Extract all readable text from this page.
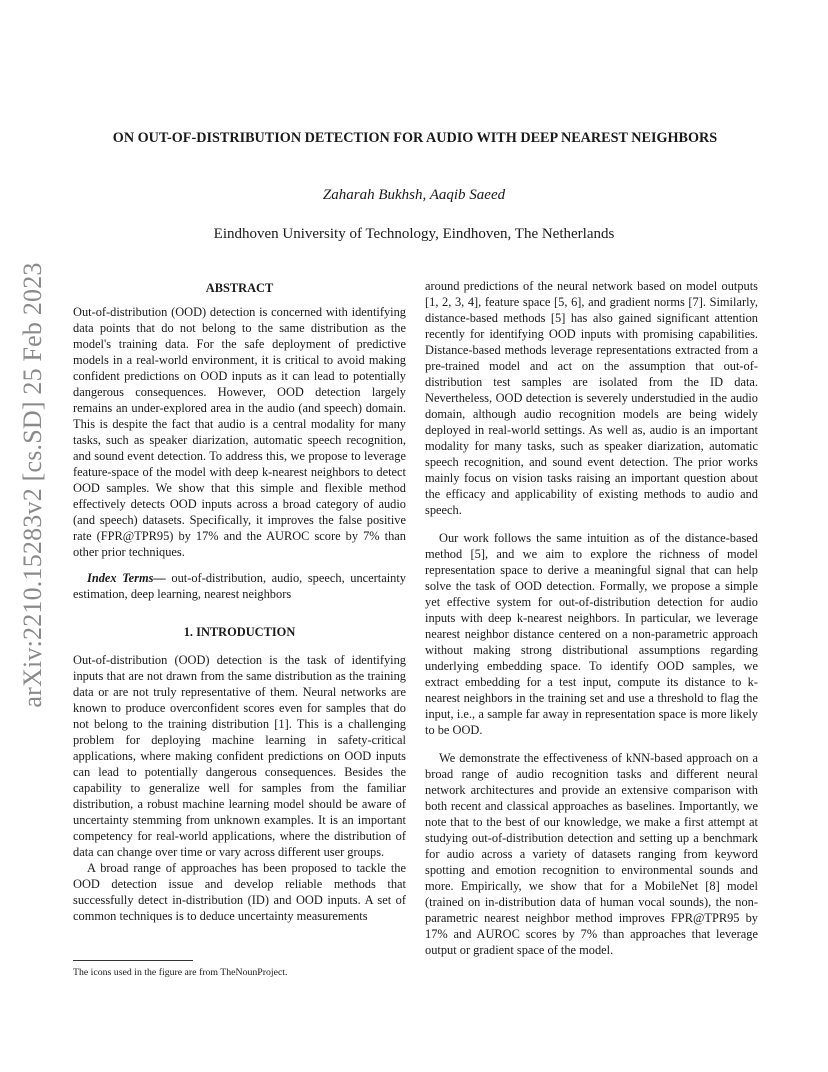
arXiv:2210.15283v2 [cs.SD] 25 Feb 2023
ON OUT-OF-DISTRIBUTION DETECTION FOR AUDIO WITH DEEP NEAREST NEIGHBORS
Zaharah Bukhsh, Aaqib Saeed
Eindhoven University of Technology, Eindhoven, The Netherlands
ABSTRACT

Out-of-distribution (OOD) detection is concerned with identifying data points that do not belong to the same distribution as the model's training data. For the safe deployment of predictive models in a real-world environment, it is critical to avoid making confident predictions on OOD inputs as it can lead to potentially dangerous consequences. However, OOD detection largely remains an under-explored area in the audio (and speech) domain. This is despite the fact that audio is a central modality for many tasks, such as speaker diarization, automatic speech recognition, and sound event detection. To address this, we propose to leverage feature-space of the model with deep k-nearest neighbors to detect OOD samples. We show that this simple and flexible method effectively detects OOD inputs across a broad category of audio (and speech) datasets. Specifically, it improves the false positive rate (FPR@TPR95) by 17% and the AUROC score by 7% than other prior techniques.

Index Terms— out-of-distribution, audio, speech, uncertainty estimation, deep learning, nearest neighbors

1. INTRODUCTION

Out-of-distribution (OOD) detection is the task of identifying inputs that are not drawn from the same distribution as the training data or are not truly representative of them. Neural networks are known to produce overconfident scores even for samples that do not belong to the training distribution [1]. This is a challenging problem for deploying machine learning in safety-critical applications, where making confident predictions on OOD inputs can lead to potentially dangerous consequences. Besides the capability to generalize well for samples from the familiar distribution, a robust machine learning model should be aware of uncertainty stemming from unknown examples. It is an important competency for real-world applications, where the distribution of data can change over time or vary across different user groups.

A broad range of approaches has been proposed to tackle the OOD detection issue and develop reliable methods that successfully detect in-distribution (ID) and OOD inputs. A set of common techniques is to deduce uncertainty measurements

around predictions of the neural network based on model outputs [1, 2, 3, 4], feature space [5, 6], and gradient norms [7]. Similarly, distance-based methods [5] has also gained significant attention recently for identifying OOD inputs with promising capabilities. Distance-based methods leverage representations extracted from a pre-trained model and act on the assumption that out-of-distribution test samples are isolated from the ID data. Nevertheless, OOD detection is severely understudied in the audio domain, although audio recognition models are being widely deployed in real-world settings. As well as, audio is an important modality for many tasks, such as speaker diarization, automatic speech recognition, and sound event detection. The prior works mainly focus on vision tasks raising an important question about the efficacy and applicability of existing methods to audio and speech.

Our work follows the same intuition as of the distance-based method [5], and we aim to explore the richness of model representation space to derive a meaningful signal that can help solve the task of OOD detection. Formally, we propose a simple yet effective system for out-of-distribution detection for audio inputs with deep k-nearest neighbors. In particular, we leverage nearest neighbor distance centered on a non-parametric approach without making strong distributional assumptions regarding underlying embedding space. To identify OOD samples, we extract embedding for a test input, compute its distance to k-nearest neighbors in the training set and use a threshold to flag the input, i.e., a sample far away in representation space is more likely to be OOD.

We demonstrate the effectiveness of kNN-based approach on a broad range of audio recognition tasks and different neural network architectures and provide an extensive comparison with both recent and classical approaches as baselines. Importantly, we note that to the best of our knowledge, we make a first attempt at studying out-of-distribution detection and setting up a benchmark for audio across a variety of datasets ranging from keyword spotting and emotion recognition to environmental sounds and more. Empirically, we show that for a MobileNet [8] model (trained on in-distribution data of human vocal sounds), the non-parametric nearest neighbor method improves FPR@TPR95 by 17% and AUROC scores by 7% than approaches that leverage output or gradient space of the model.

The icons used in the figure are from TheNounProject.
